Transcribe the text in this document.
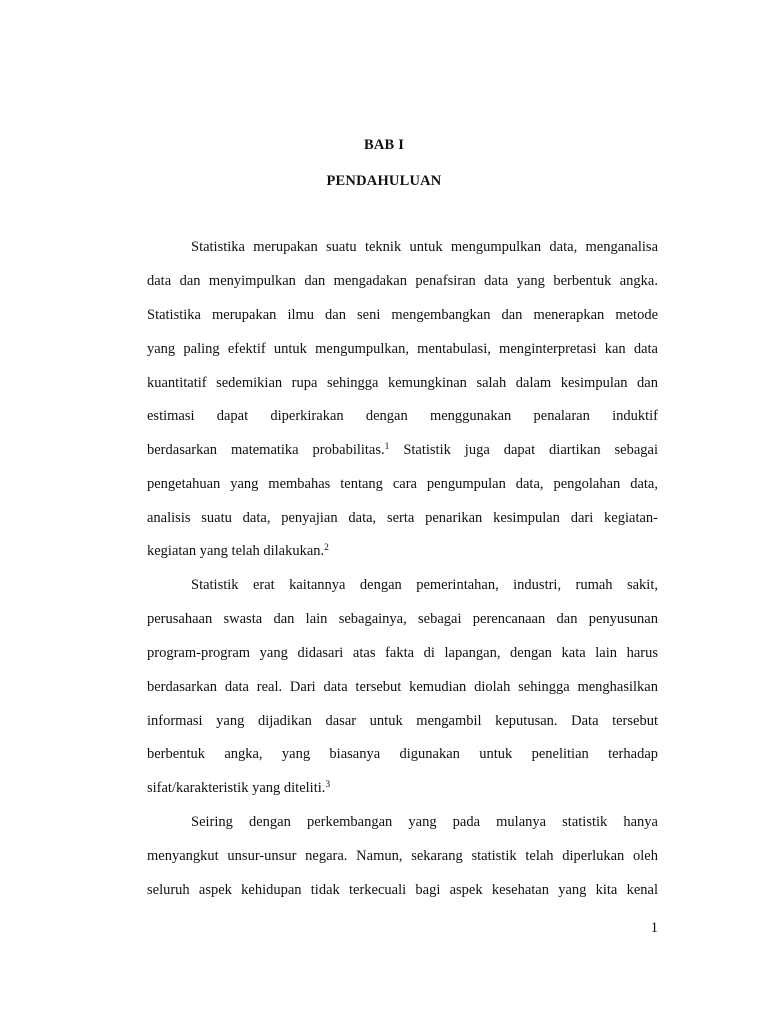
BAB I
PENDAHULUAN
Statistika merupakan suatu teknik untuk mengumpulkan data, menganalisa
data dan menyimpulkan dan mengadakan penafsiran data yang berbentuk angka.
Statistika merupakan ilmu dan seni mengembangkan dan menerapkan metode
yang paling efektif untuk mengumpulkan, mentabulasi, menginterpretasi kan data
kuantitatif sedemikian rupa sehingga kemungkinan salah dalam kesimpulan dan
estimasi dapat diperkirakan dengan menggunakan penalaran induktif
berdasarkan matematika probabilitas.$^1$ Statistik juga dapat diartikan sebagai
pengetahuan yang membahas tentang cara pengumpulan data, pengolahan data,
analisis suatu data, penyajian data, serta penarikan kesimpulan dari kegiatan-
kegiatan yang telah dilakukan.$^2$
Statistik erat kaitannya dengan pemerintahan, industri, rumah sakit,
perusahaan swasta dan lain sebagainya, sebagai perencanaan dan penyusunan
program-program yang didasari atas fakta di lapangan, dengan kata lain harus
berdasarkan data real. Dari data tersebut kemudian diolah sehingga menghasilkan
informasi yang dijadikan dasar untuk mengambil keputusan. Data tersebut
berbentuk angka, yang biasanya digunakan untuk penelitian terhadap
sifat/karakteristik yang diteliti.$^3$
Seiring dengan perkembangan yang pada mulanya statistik hanya
menyangkut unsur-unsur negara. Namun, sekarang statistik telah diperlukan oleh
seluruh aspek kehidupan tidak terkecuali bagi aspek kesehatan yang kita kenal
1
